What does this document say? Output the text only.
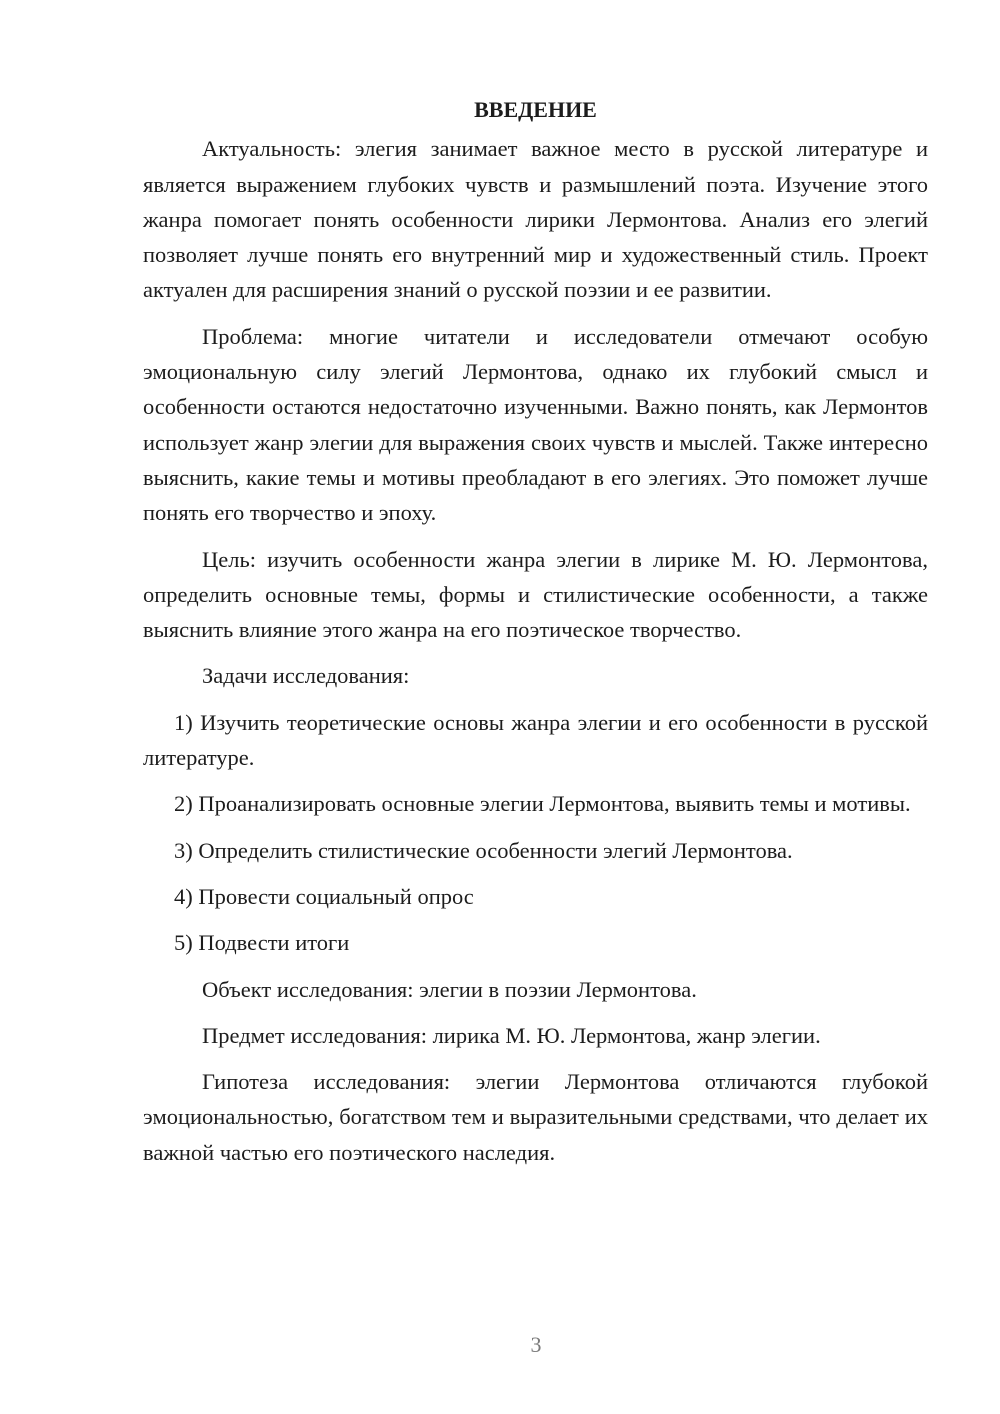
ВВЕДЕНИЕ

Актуальность: элегия занимает важное место в русской литературе и является выражением глубоких чувств и размышлений поэта. Изучение этого жанра помогает понять особенности лирики Лермонтова. Анализ его элегий позволяет лучше понять его внутренний мир и художественный стиль. Проект актуален для расширения знаний о русской поэзии и ее развитии.

Проблема: многие читатели и исследователи отмечают особую эмоциональную силу элегий Лермонтова, однако их глубокий смысл и особенности остаются недостаточно изученными. Важно понять, как Лермонтов использует жанр элегии для выражения своих чувств и мыслей. Также интересно выяснить, какие темы и мотивы преобладают в его элегиях. Это поможет лучше понять его творчество и эпоху.

Цель: изучить особенности жанра элегии в лирике М. Ю. Лермонтова, определить основные темы, формы и стилистические особенности, а также выяснить влияние этого жанра на его поэтическое творчество.

Задачи исследования:

1) Изучить теоретические основы жанра элегии и его особенности в русской литературе.

2) Проанализировать основные элегии Лермонтова, выявить темы и мотивы.

3) Определить стилистические особенности элегий Лермонтова.

4) Провести социальный опрос

5) Подвести итоги

Объект исследования: элегии в поэзии Лермонтова.

Предмет исследования: лирика М. Ю. Лермонтова, жанр элегии.

Гипотеза исследования: элегии Лермонтова отличаются глубокой эмоциональностью, богатством тем и выразительными средствами, что делает их важной частью его поэтического наследия.

3
